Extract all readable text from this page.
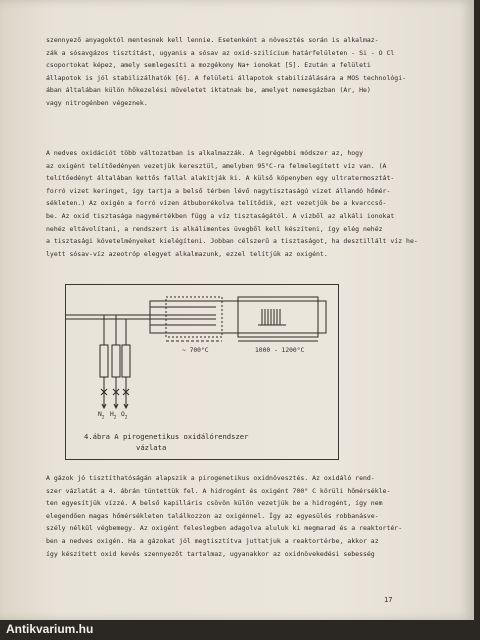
szennyező anyagoktól mentesnek kell lennie. Esetenként a növesztés során is alkalmaz-
zák a sósavgázos tisztítást, ugyanis a sósav az oxid-szilícium határfelületen - Si - O Cl
csoportokat képez, amely semlegesíti a mozgékony Na+ ionokat [5]. Ezután a felületi
állapotok is jól stabilizálhatók [6]. A felületi állapotok stabilizálására a MOS technológi-
ában általában külön hőkezelési műveletet iktatnak be, amelyet nemesgázban (Ar, He)
vagy nitrogénben végeznek.
A nedves oxidációt több változatban is alkalmazzák. A legrégebbi módszer az, hogy
az oxigént telítőedényen vezetjük keresztül, amelyben 95°C-ra felmelegített víz van. (A
telítőedényt általában kettős fallal alakítják ki. A külső köpenyben egy ultratermosztát-
forró vizet keringet, így tartja a belső térben lévő nagytisztaságú vizet állandó hőmér-
sékleten.) Az oxigén a forró vízen átbuborékolva telítődik, ezt vezetjük be a kvarccső-
be. Az oxid tisztasága nagymértékben függ a víz tisztaságától. A vízből az alkáli ionokat
nehéz eltávolítani, a rendszert is alkálimentes üvegből kell készíteni, így elég nehéz
a tisztasági követelményeket kielégíteni. Jobban célszerű a tisztaságot, ha desztillált víz he-
lyett sósav-víz azeotróp elegyet alkalmazunk, ezzel telítjük az oxigént.
~ 700°C	1000 - 1200°C
$N_2$ $H_2$ $O_2$
4.ábra A pirogenetikus oxidálórendszer
vázlata
A gázok jó tisztíthatóságán alapszik a pirogenetikus oxidnövesztés. Az oxidáló rend-
szer vázlatát a 4. ábrán tüntettük fel. A hidrogént és oxigént 700° C körüli hőmérsékle-
ten egyesítjük vízzé. A belső kapilláris csövön külön vezetjük be a hidrogént, így nem
elegendően magas hőmérsékleten találkozzon az oxigénnel. Így az egyesülés robbanásve-
szély nélkül végbemegy. Az oxigént feleslegben adagolva aluluk ki megmarad és a reaktortér-
ben a nedves oxigén. Ha a gázokat jól megtisztítva juttatjuk a reaktortérbe, akkor az
így készített oxid kevés szennyezőt tartalmaz, ugyanakkor az oxidnövekedési sebesség
17
Antikvarium.hu
